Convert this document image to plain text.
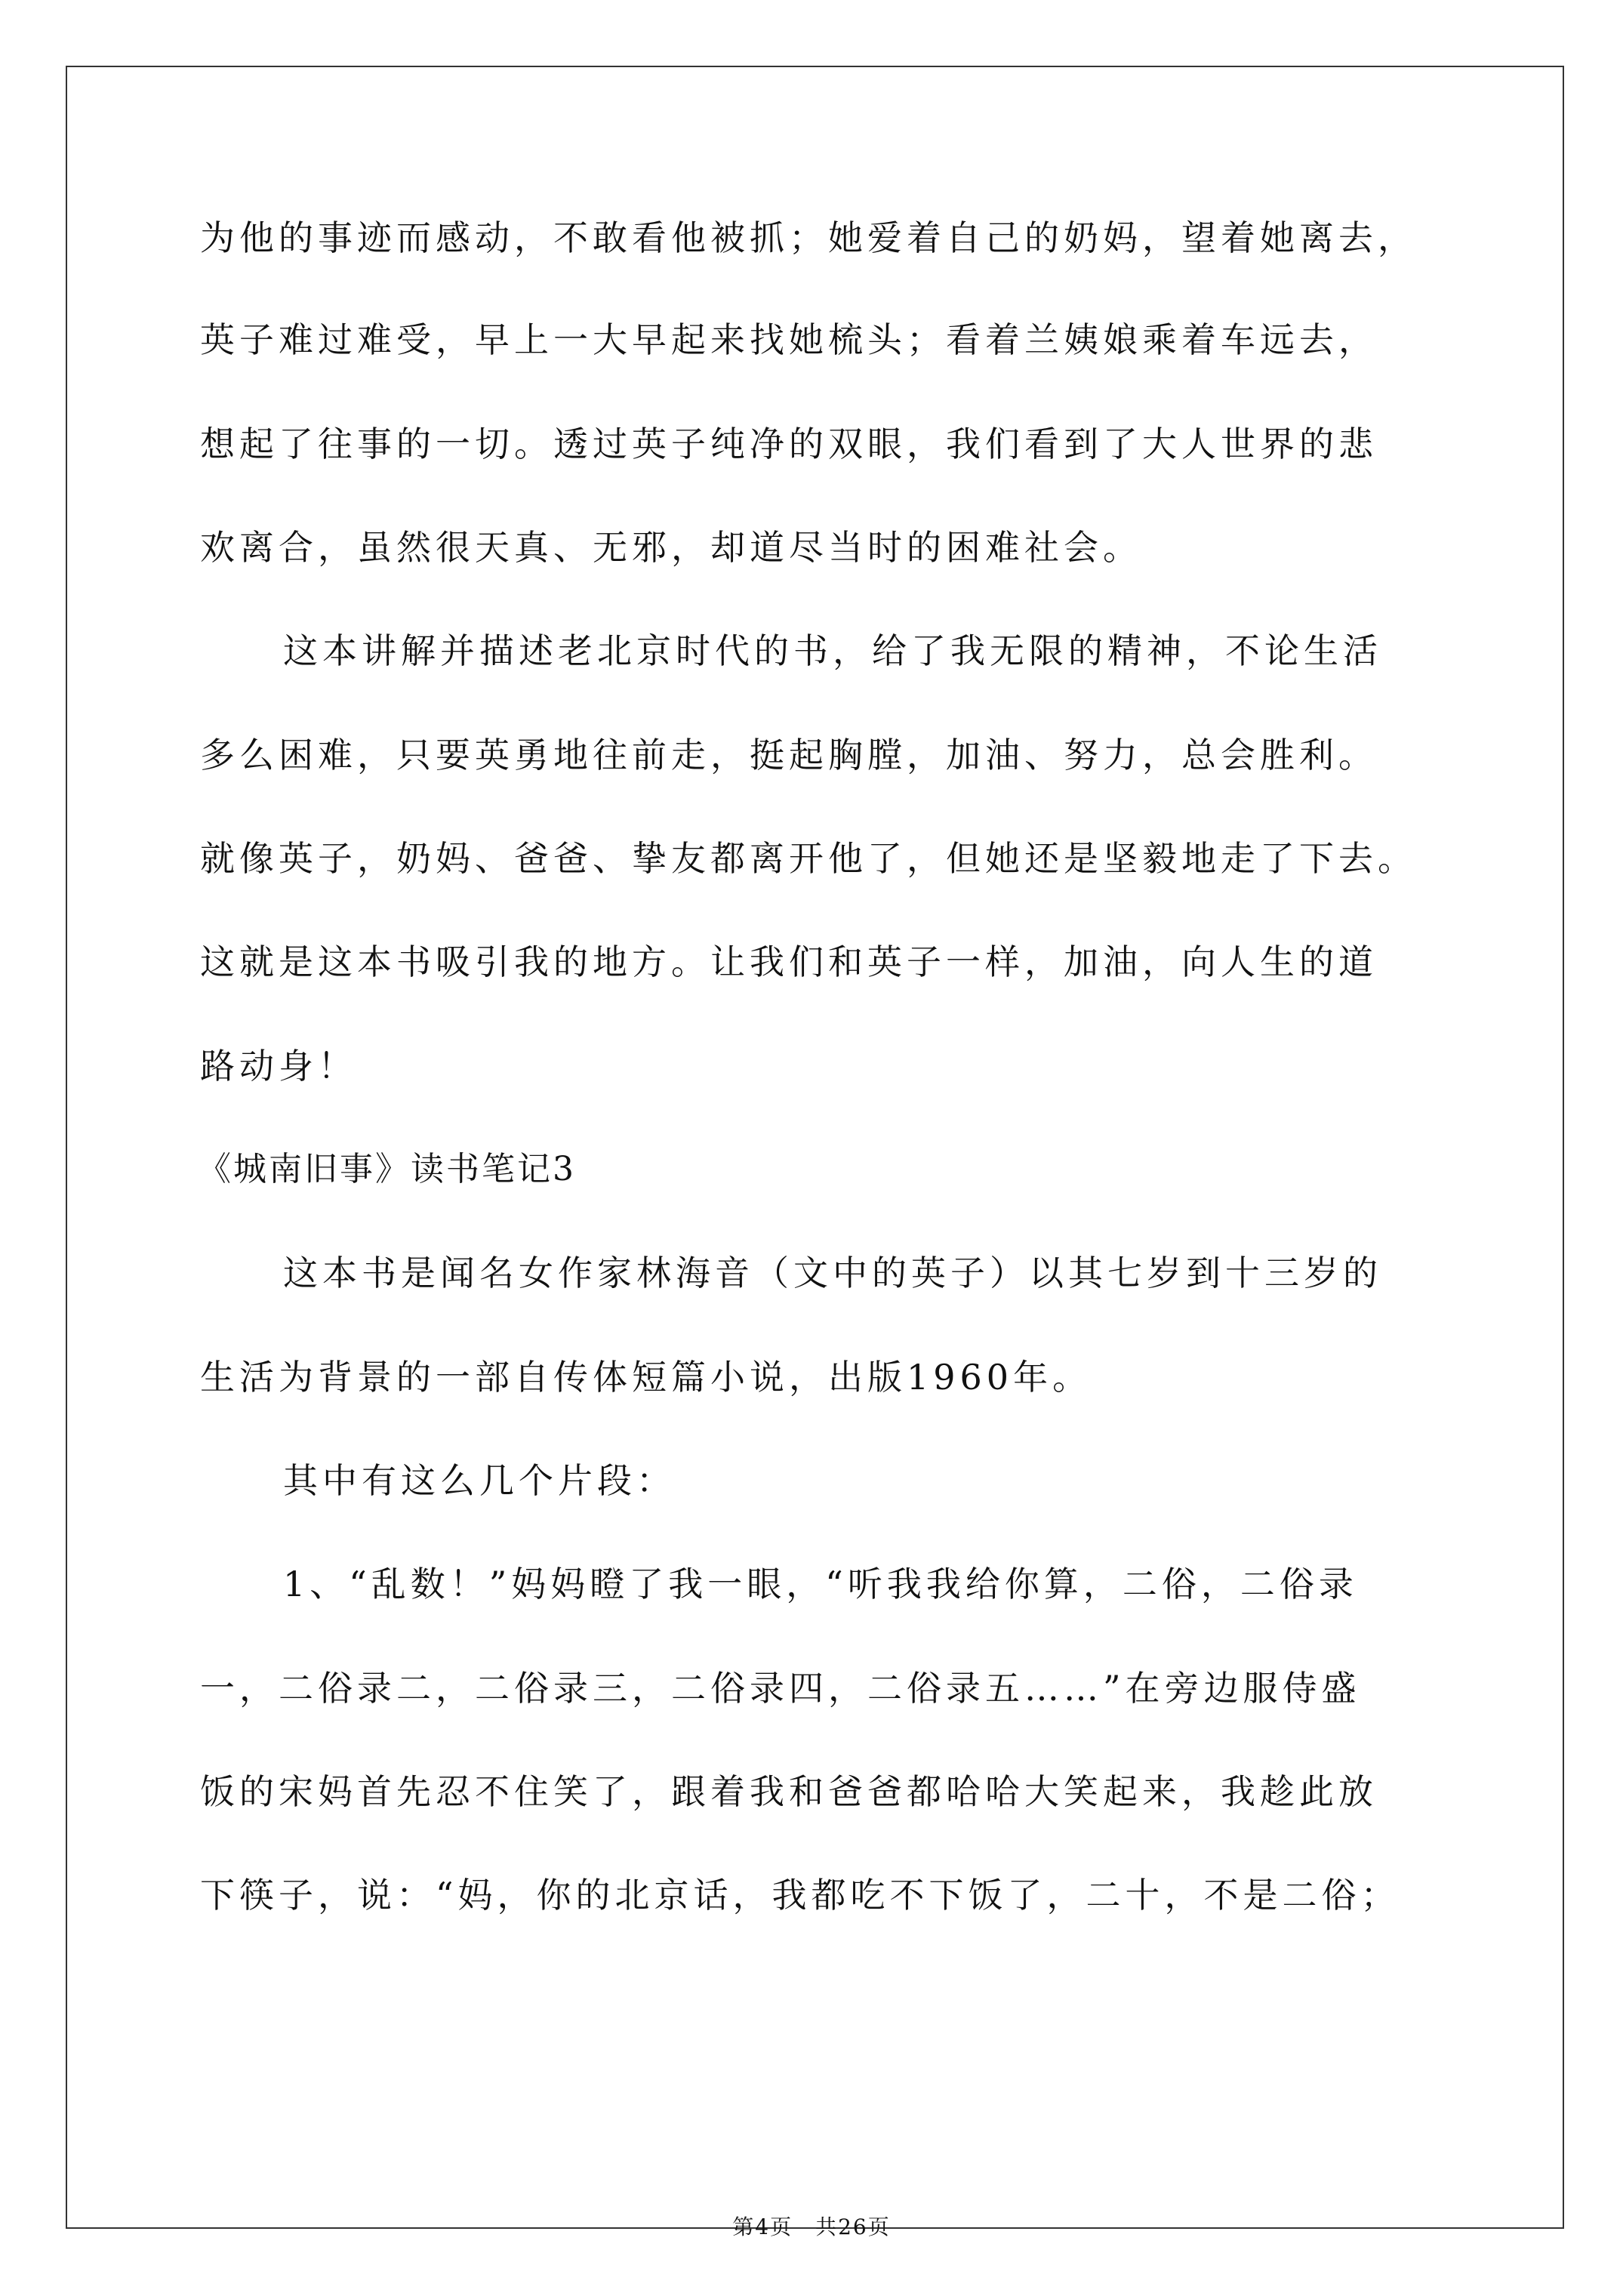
为他的事迹而感动，不敢看他被抓；她爱着自己的奶妈，望着她离去，
英子难过难受，早上一大早起来找她梳头；看着兰姨娘乘着车远去，
想起了往事的一切。透过英子纯净的双眼，我们看到了大人世界的悲
欢离合，虽然很天真、无邪，却道尽当时的困难社会。
这本讲解并描述老北京时代的书，给了我无限的精神，不论生活
多么困难，只要英勇地往前走，挺起胸膛，加油、努力，总会胜利。
就像英子，奶妈、爸爸、挚友都离开他了，但她还是坚毅地走了下去。
这就是这本书吸引我的地方。让我们和英子一样，加油，向人生的道
路动身！
《城南旧事》读书笔记3
这本书是闻名女作家林海音（文中的英子）以其七岁到十三岁的
生活为背景的一部自传体短篇小说，出版1960年。
其中有这么几个片段：
1、“乱数！”妈妈瞪了我一眼，“听我我给你算，二俗，二俗录
一，二俗录二，二俗录三，二俗录四，二俗录五……”在旁边服侍盛
饭的宋妈首先忍不住笑了，跟着我和爸爸都哈哈大笑起来，我趁此放
下筷子，说：“妈，你的北京话，我都吃不下饭了，二十，不是二俗；
第4页　共26页
